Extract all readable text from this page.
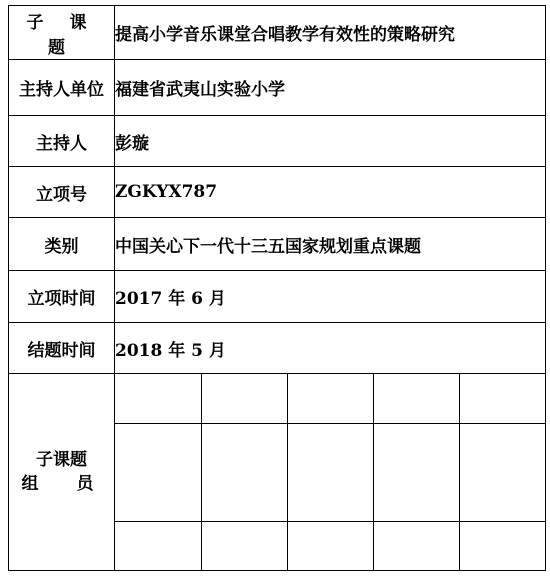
子 课 题	提高小学音乐课堂合唱教学有效性的策略研究
主持人单位	福建省武夷山实验小学
主持人	彭璇
立项号	ZGKYX787
类别	中国关心下一代十三五国家规划重点课题
立项时间	2017 年 6 月
结题时间	2018 年 5 月

子课题
组 员
